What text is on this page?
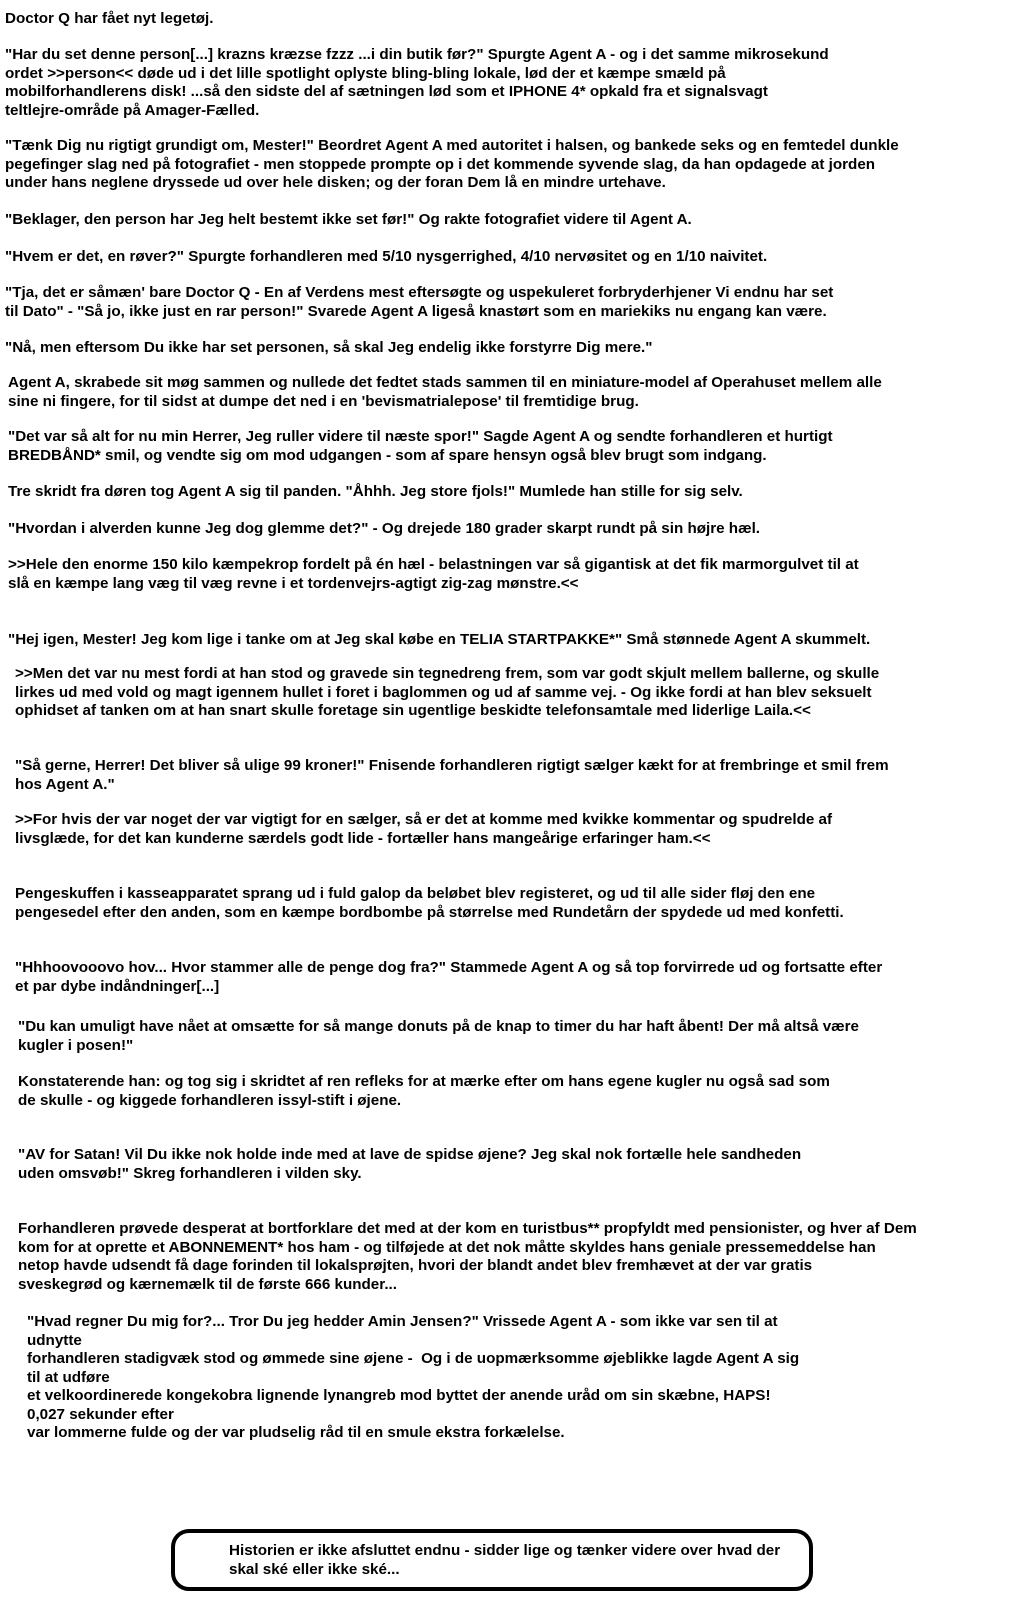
Doctor Q har fået nyt legetøj.

"Har du set denne person[...] krazns kræzse fzzz ...i din butik før?" Spurgte Agent A - og i det samme mikrosekund
ordet >>person<< døde ud i det lille spotlight oplyste bling-bling lokale, lød der et kæmpe smæld på
mobilforhandlerens disk! ...så den sidste del af sætningen lød som et IPHONE 4* opkald fra et signalsvagt
teltlejre-område på Amager-Fælled.

"Tænk Dig nu rigtigt grundigt om, Mester!" Beordret Agent A med autoritet i halsen, og bankede seks og en femtedel dunkle
pegefinger slag ned på fotografiet - men stoppede prompte op i det kommende syvende slag, da han opdagede at jorden
under hans neglene dryssede ud over hele disken; og der foran Dem lå en mindre urtehave.

"Beklager, den person har Jeg helt bestemt ikke set før!" Og rakte fotografiet videre til Agent A.

"Hvem er det, en røver?" Spurgte forhandleren med 5/10 nysgerrighed, 4/10 nervøsitet og en 1/10 naivitet.

"Tja, det er såmæn' bare Doctor Q - En af Verdens mest eftersøgte og uspekuleret forbryderhjener Vi endnu har set
til Dato" - "Så jo, ikke just en rar person!" Svarede Agent A ligeså knastørt som en mariekiks nu engang kan være.

"Nå, men eftersom Du ikke har set personen, så skal Jeg endelig ikke forstyrre Dig mere."

Agent A, skrabede sit møg sammen og nullede det fedtet stads sammen til en miniature-model af Operahuset mellem alle
sine ni fingere, for til sidst at dumpe det ned i en 'bevismatrialepose' til fremtidige brug.

"Det var så alt for nu min Herrer, Jeg ruller videre til næste spor!" Sagde Agent A og sendte forhandleren et hurtigt
BREDBÅND* smil, og vendte sig om mod udgangen - som af spare hensyn også blev brugt som indgang.

Tre skridt fra døren tog Agent A sig til panden. "Åhhh. Jeg store fjols!" Mumlede han stille for sig selv.

"Hvordan i alverden kunne Jeg dog glemme det?" - Og drejede 180 grader skarpt rundt på sin højre hæl.

>>Hele den enorme 150 kilo kæmpekrop fordelt på én hæl - belastningen var så gigantisk at det fik marmorgulvet til at
slå en kæmpe lang væg til væg revne i et tordenvejrs-agtigt zig-zag mønstre.<<

"Hej igen, Mester! Jeg kom lige i tanke om at Jeg skal købe en TELIA STARTPAKKE*" Små stønnede Agent A skummelt.

>>Men det var nu mest fordi at han stod og gravede sin tegnedreng frem, som var godt skjult mellem ballerne, og skulle
lirkes ud med vold og magt igennem hullet i foret i baglommen og ud af samme vej. - Og ikke fordi at han blev seksuelt
ophidset af tanken om at han snart skulle foretage sin ugentlige beskidte telefonsamtale med liderlige Laila.<<

"Så gerne, Herrer! Det bliver så ulige 99 kroner!" Fnisende forhandleren rigtigt sælger kækt for at frembringe et smil frem
hos Agent A."

>>For hvis der var noget der var vigtigt for en sælger, så er det at komme med kvikke kommentar og spudrelde af
livsglæde, for det kan kunderne særdels godt lide - fortæller hans mangeårige erfaringer ham.<<

Pengeskuffen i kasseapparatet sprang ud i fuld galop da beløbet blev registeret, og ud til alle sider fløj den ene
pengesedel efter den anden, som en kæmpe bordbombe på størrelse med Rundetårn der spydede ud med konfetti.

"Hhhoovooovo hov... Hvor stammer alle de penge dog fra?" Stammede Agent A og så top forvirrede ud og fortsatte efter
et par dybe indåndninger[...]

"Du kan umuligt have nået at omsætte for så mange donuts på de knap to timer du har haft åbent! Der må altså være
kugler i posen!"

Konstaterende han: og tog sig i skridtet af ren refleks for at mærke efter om hans egene kugler nu også sad som
de skulle - og kiggede forhandleren issyl-stift i øjene.

"AV for Satan! Vil Du ikke nok holde inde med at lave de spidse øjene? Jeg skal nok fortælle hele sandheden
uden omsvøb!" Skreg forhandleren i vilden sky.

Forhandleren prøvede desperat at bortforklare det med at der kom en turistbus** propfyldt med pensionister, og hver af Dem
kom for at oprette et ABONNEMENT* hos ham - og tilføjede at det nok måtte skyldes hans geniale pressemeddelse han
netop havde udsendt få dage forinden til lokalsprøjten, hvori der blandt andet blev fremhævet at der var gratis
sveskegrød og kærnemælk til de første 666 kunder...

"Hvad regner Du mig for?... Tror Du jeg hedder Amin Jensen?" Vrissede Agent A - som ikke var sen til at
udnytte
forhandleren stadigvæk stod og ømmede sine øjene -  Og i de uopmærksomme øjeblikke lagde Agent A sig
til at udføre
et velkoordinerede kongekobra lignende lynangreb mod byttet der anende uråd om sin skæbne, HAPS!
0,027 sekunder efter
var lommerne fulde og der var pludselig råd til en smule ekstra forkælelse.

Historien er ikke afsluttet endnu - sidder lige og tænker videre over hvad der
skal ské eller ikke ské...
